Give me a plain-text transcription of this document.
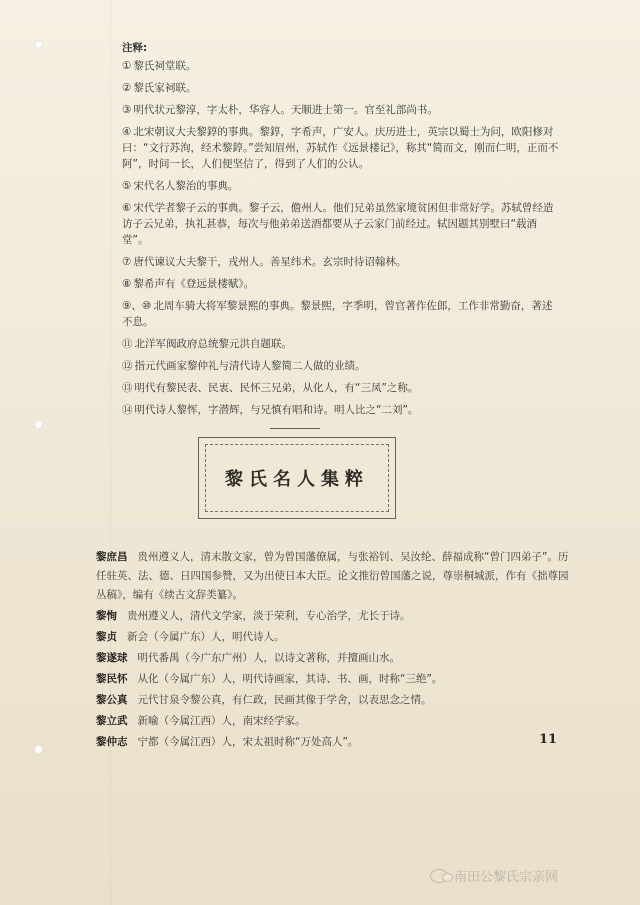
注释:

① 黎氏祠堂联。

② 黎氏家祠联。

③ 明代状元黎淳，字太朴，华容人。天顺进士第一。官至礼部尚书。

④ 北宋朝议大夫黎錞的事典。黎錞，字希声，广安人。庆历进士，英宗以蜀士为问，欧阳修对曰：“文行苏洵，经术黎錞。”尝知眉州，苏轼作《远景楼记》，称其“简而文，刚而仁明，正而不阿”，时间一长，人们便坚信了，得到了人们的公认。

⑤ 宋代名人黎治的事典。

⑥ 宋代学者黎子云的事典。黎子云，儋州人。他们兄弟虽然家境贫困但非常好学。苏轼曾经造访子云兄弟，执礼甚恭，每次与他弟弟送酒都要从子云家门前经过。轼因题其别墅曰“载酒堂”。

⑦ 唐代谏议大夫黎干，戎州人。善星纬术。玄宗时待诏翰林。

⑧ 黎希声有《登远景楼赋》。

⑨、⑩ 北周车骑大将军黎景熙的事典。黎景熙，字季明，曾官著作佐郎，工作非常勤奋，著述不息。

⑪ 北洋军阀政府总统黎元洪自题联。

⑫ 指元代画家黎仲礼与清代诗人黎简二人做的业绩。

⑬ 明代有黎民表、民衷、民怀三兄弟，从化人，有“三凤”之称。

⑭ 明代诗人黎恽，字潜辉，与兄慎有唱和诗。明人比之“二刘”。

黎氏名人集粹

黎庶昌 贵州遵义人，清末散文家，曾为曾国藩僚属，与张裕钊、吴汝纶、薛福成称“曾门四弟子”。历任驻英、法、德、日四国参赞，又为出使日本大臣。论文推衍曾国藩之说，尊崇桐城派，作有《拙尊园丛稿》，编有《续古文辞类纂》。

黎恂 贵州遵义人，清代文学家，淡于荣利，专心治学，尤长于诗。

黎贞 新会（今属广东）人，明代诗人。

黎遂球 明代番禺（今广东广州）人，以诗文著称，并擅画山水。

黎民怀 从化（今属广东）人，明代诗画家，其诗、书、画，时称“三绝”。

黎公真 元代甘泉令黎公真，有仁政，民画其像于学舍，以表思念之情。

黎立武 新喻（今属江西）人，南宋经学家。

黎仲志 宁都（今属江西）人，宋太祖时称“万处高人”。	11
南田公黎氏宗亲网
